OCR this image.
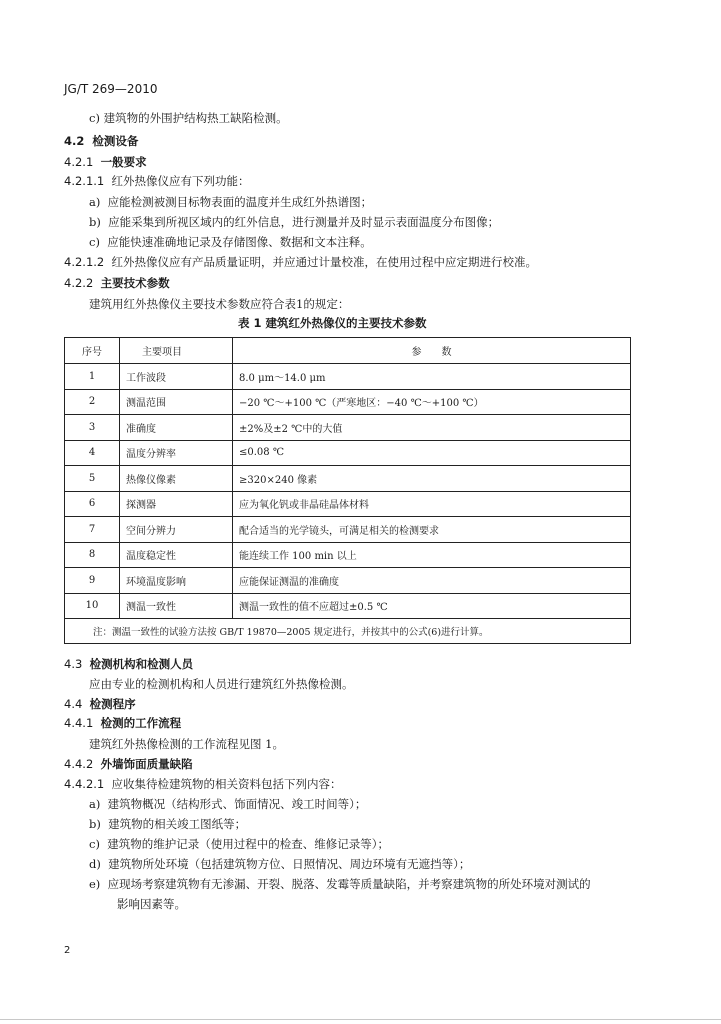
JG/T 269—2010
c) 建筑物的外围护结构热工缺陷检测。
4.2 检测设备
4.2.1 一般要求
4.2.1.1 红外热像仪应有下列功能：
a) 应能检测被测目标物表面的温度并生成红外热谱图；
b) 应能采集到所视区域内的红外信息，进行测量并及时显示表面温度分布图像；
c) 应能快速准确地记录及存储图像、数据和文本注释。
4.2.1.2 红外热像仪应有产品质量证明，并应通过计量校准，在使用过程中应定期进行校准。
4.2.2 主要技术参数
建筑用红外热像仪主要技术参数应符合表1的规定：
表 1 建筑红外热像仪的主要技术参数
序号	主要项目	参　　数
1	工作波段	8.0 μm～14.0 μm
2	测温范围	−20 ℃～+100 ℃（严寒地区：−40 ℃～+100 ℃）
3	准确度	±2%及±2 ℃中的大值
4	温度分辨率	≤0.08 ℃
5	热像仪像素	≥320×240 像素
6	探测器	应为氧化钒或非晶硅晶体材料
7	空间分辨力	配合适当的光学镜头，可满足相关的检测要求
8	温度稳定性	能连续工作 100 min 以上
9	环境温度影响	应能保证测温的准确度
10	测温一致性	测温一致性的值不应超过±0.5 ℃
注：测温一致性的试验方法按 GB/T 19870—2005 规定进行，并按其中的公式(6)进行计算。		
4.3 检测机构和检测人员
应由专业的检测机构和人员进行建筑红外热像检测。
4.4 检测程序
4.4.1 检测的工作流程
建筑红外热像检测的工作流程见图 1。
4.4.2 外墙饰面质量缺陷
4.4.2.1 应收集待检建筑物的相关资料包括下列内容：
a) 建筑物概况（结构形式、饰面情况、竣工时间等）；
b) 建筑物的相关竣工图纸等；
c) 建筑物的维护记录（使用过程中的检查、维修记录等）；
d) 建筑物所处环境（包括建筑物方位、日照情况、周边环境有无遮挡等）；
e) 应现场考察建筑物有无渗漏、开裂、脱落、发霉等质量缺陷，并考察建筑物的所处环境对测试的
影响因素等。
2
